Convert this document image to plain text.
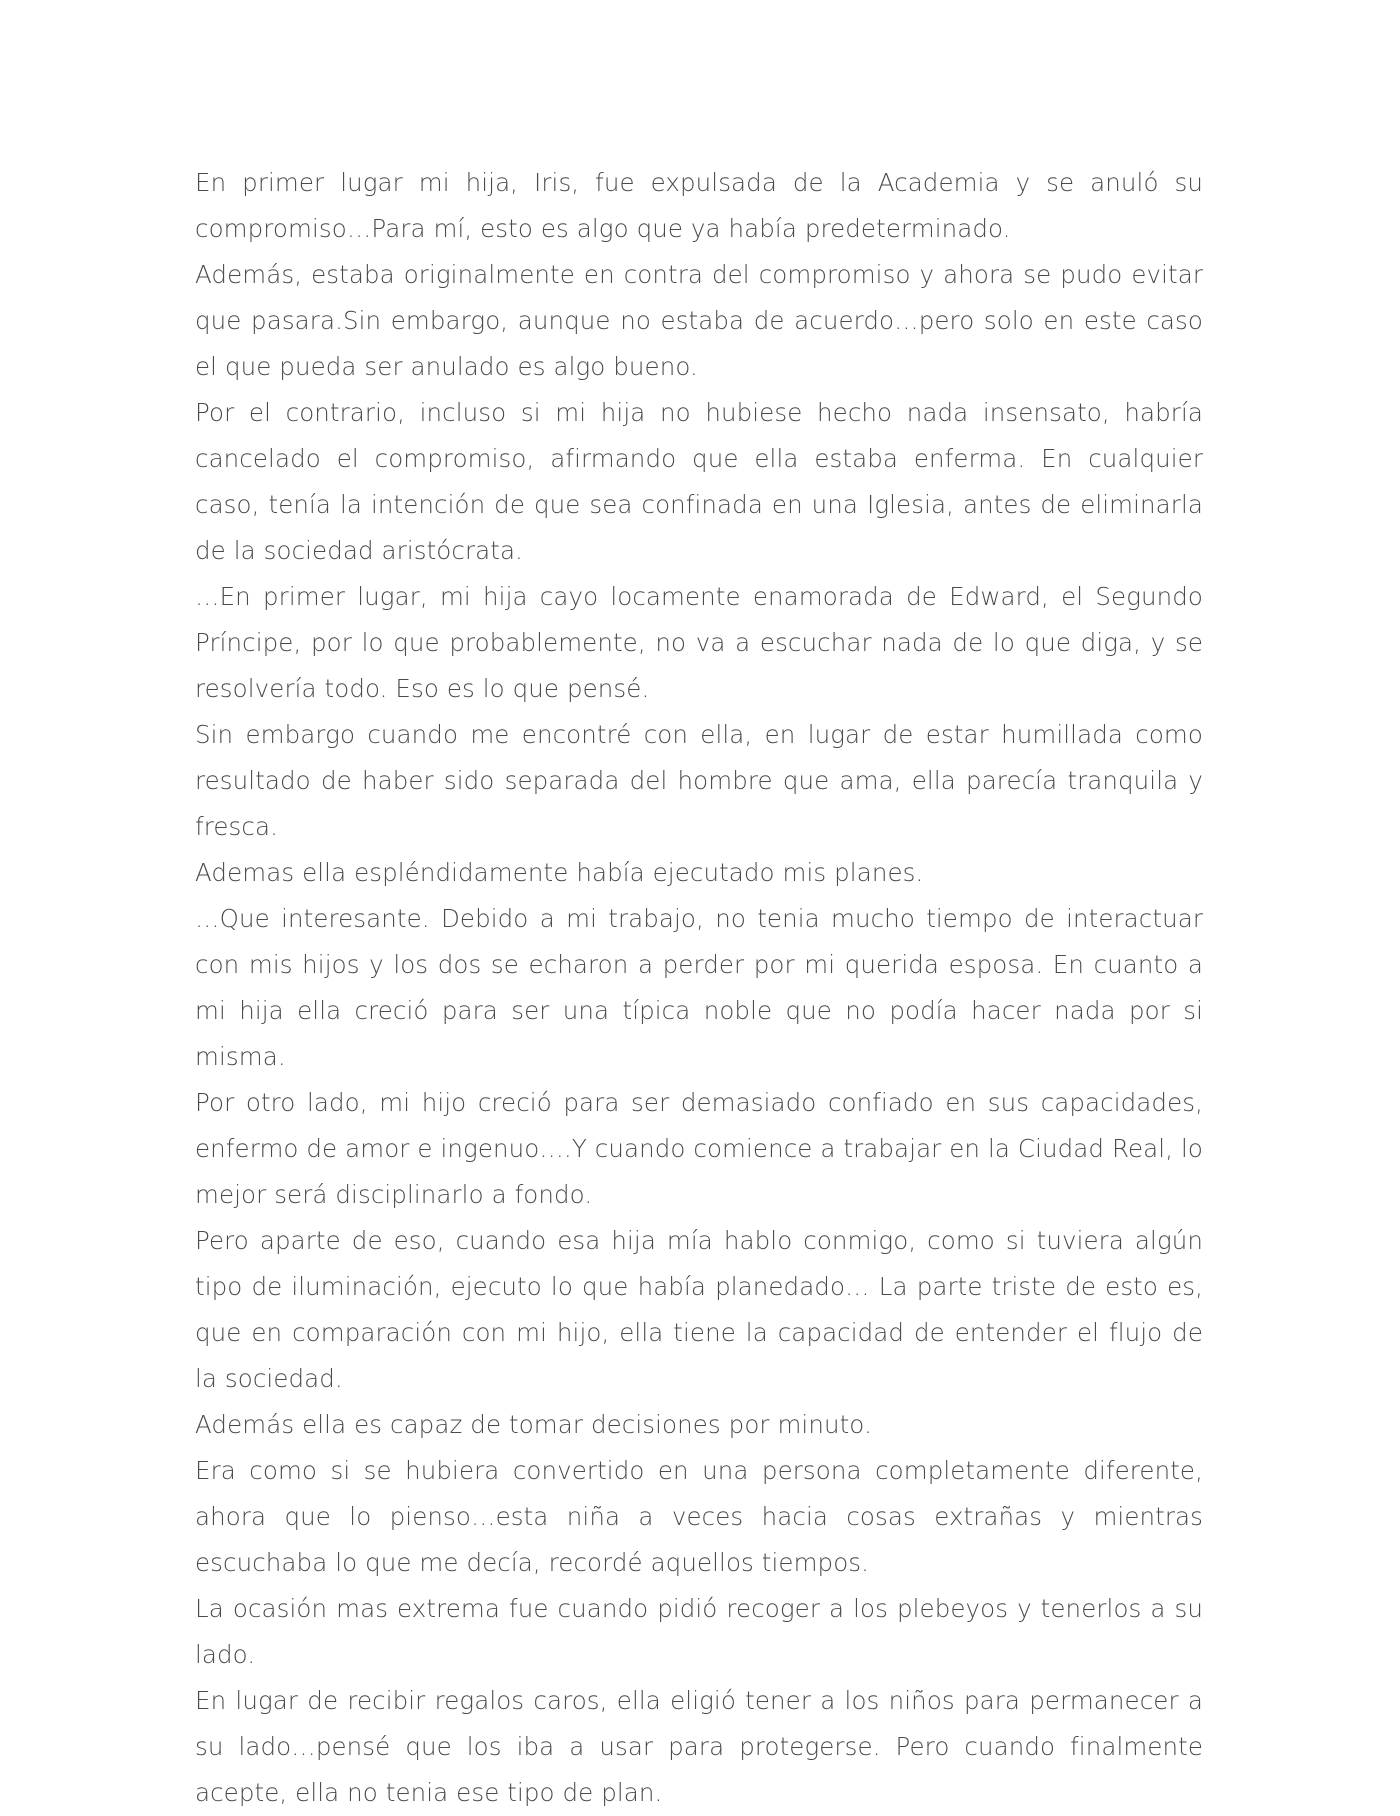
En primer lugar mi hija, Iris, fue expulsada de la Academia y se anuló su compromiso…Para mí, esto es algo que ya había predeterminado.

Además, estaba originalmente en contra del compromiso y ahora se pudo evitar que pasara.Sin embargo, aunque no estaba de acuerdo…pero solo en este caso el que pueda ser anulado es algo bueno.

Por el contrario, incluso si mi hija no hubiese hecho nada insensato, habría cancelado el compromiso, afirmando que ella estaba enferma. En cualquier caso, tenía la intención de que sea confinada en una Iglesia, antes de eliminarla de la sociedad aristócrata.

…En primer lugar, mi hija cayo locamente enamorada de Edward, el Segundo Príncipe, por lo que probablemente, no va a escuchar nada de lo que diga, y se resolvería todo. Eso es lo que pensé.

Sin embargo cuando me encontré con ella, en lugar de estar humillada como resultado de haber sido separada del hombre que ama, ella parecía tranquila y fresca.

Ademas ella espléndidamente había ejecutado mis planes.

…Que interesante. Debido a mi trabajo, no tenia mucho tiempo de interactuar con mis hijos y los dos se echaron a perder por mi querida esposa. En cuanto a mi hija ella creció para ser una típica noble que no podía hacer nada por si misma.

Por otro lado, mi hijo creció para ser demasiado confiado en sus capacidades, enfermo de amor e ingenuo….Y cuando comience a trabajar en la Ciudad Real, lo mejor será disciplinarlo a fondo.

Pero aparte de eso, cuando esa hija mía hablo conmigo, como si tuviera algún tipo de iluminación, ejecuto lo que había planedado… La parte triste de esto es, que en comparación con mi hijo, ella tiene la capacidad de entender el flujo de la sociedad.

Además ella es capaz de tomar decisiones por minuto.

Era como si se hubiera convertido en una persona completamente diferente, ahora que lo pienso…esta niña a veces hacia cosas extrañas y mientras escuchaba lo que me decía, recordé aquellos tiempos.

La ocasión mas extrema fue cuando pidió recoger a los plebeyos y tenerlos a su lado.

En lugar de recibir regalos caros, ella eligió tener a los niños para permanecer a su lado…pensé que los iba a usar para protegerse. Pero cuando finalmente acepte, ella no tenia ese tipo de plan.
